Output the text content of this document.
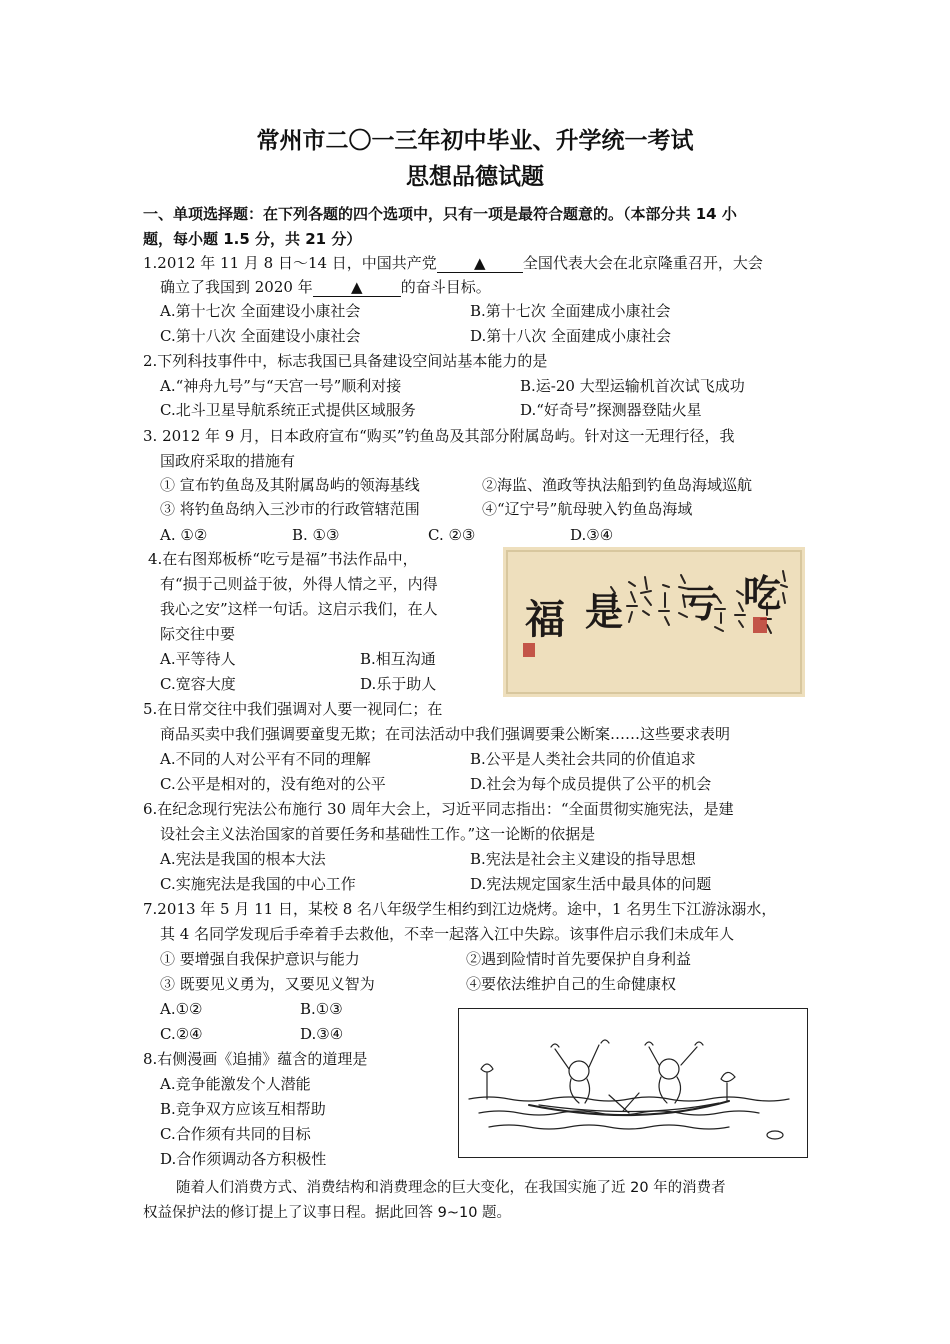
常州市二〇一三年初中毕业、升学统一考试
思想品德试题
一、单项选择题：在下列各题的四个选项中，只有一项是最符合题意的。（本部分共 14 小
题，每小题 1.5 分，共 21 分）
1.2012 年 11 月 8 日～14 日，中国共产党 ▲ 全国代表大会在北京隆重召开，大会
确立了我国到 2020 年	▲	的奋斗目标。
A.第十七次 全面建设小康社会	B.第十七次 全面建成小康社会
C.第十八次 全面建设小康社会	D.第十八次 全面建成小康社会
2.下列科技事件中，标志我国已具备建设空间站基本能力的是
A.“神舟九号”与“天宫一号”顺利对接	B.运-20 大型运输机首次试飞成功
C.北斗卫星导航系统正式提供区域服务	D.“好奇号”探测器登陆火星
3. 2012 年 9 月，日本政府宣布“购买”钓鱼岛及其部分附属岛屿。针对这一无理行径，我
国政府采取的措施有
① 宣布钓鱼岛及其附属岛屿的领海基线	②海监、渔政等执法船到钓鱼岛海域巡航
③ 将钓鱼岛纳入三沙市的行政管辖范围	④“辽宁号”航母驶入钓鱼岛海域
A. ①②	B. ①③	C. ②③	D.③④
4.在右图郑板桥“吃亏是福”书法作品中，
有“损于己则益于彼，外得人情之平，内得
我心之安”这样一句话。这启示我们，在人
际交往中要
A.平等待人	B.相互沟通
C.宽容大度	D.乐于助人
福 是 亏 吃
5.在日常交往中我们强调对人要一视同仁；在
商品买卖中我们强调要童叟无欺；在司法活动中我们强调要秉公断案……这些要求表明
A.不同的人对公平有不同的理解	B.公平是人类社会共同的价值追求
C.公平是相对的，没有绝对的公平	D.社会为每个成员提供了公平的机会
6.在纪念现行宪法公布施行 30 周年大会上，习近平同志指出：“全面贯彻实施宪法，是建
设社会主义法治国家的首要任务和基础性工作。”这一论断的依据是
A.宪法是我国的根本大法	B.宪法是社会主义建设的指导思想
C.实施宪法是我国的中心工作	D.宪法规定国家生活中最具体的问题
7.2013 年 5 月 11 日，某校 8 名八年级学生相约到江边烧烤。途中，1 名男生下江游泳溺水，
其 4 名同学发现后手牵着手去救他，不幸一起落入江中失踪。该事件启示我们未成年人
① 要增强自我保护意识与能力	②遇到险情时首先要保护自身利益
③ 既要见义勇为，又要见义智为	④要依法维护自己的生命健康权
A.①②	B.①③
C.②④	D.③④
8.右侧漫画《追捕》蕴含的道理是
A.竞争能激发个人潜能
B.竞争双方应该互相帮助
C.合作须有共同的目标
D.合作须调动各方积极性
随着人们消费方式、消费结构和消费理念的巨大变化，在我国实施了近 20 年的消费者
权益保护法的修订提上了议事日程。据此回答 9~10 题。
